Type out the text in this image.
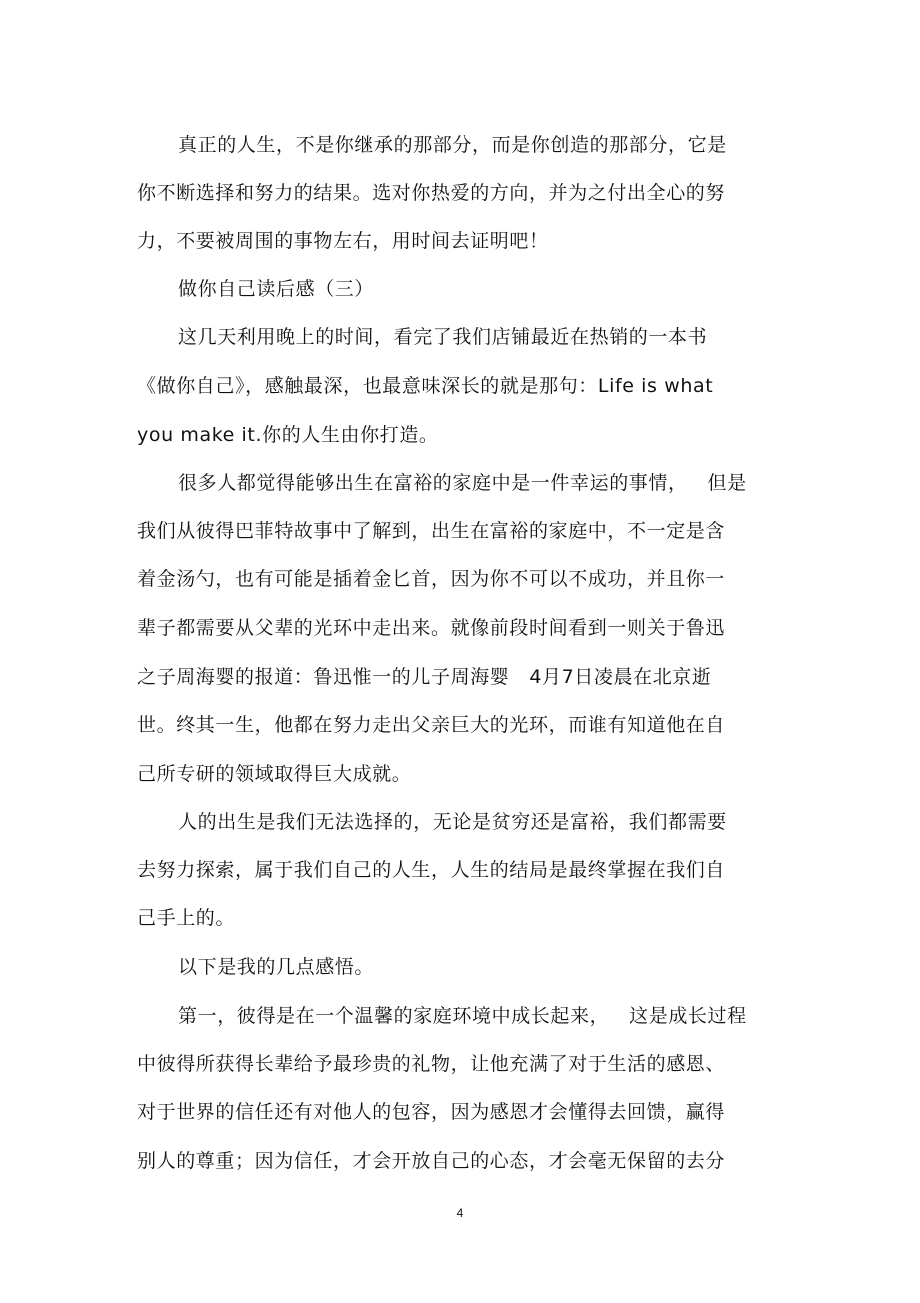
真正的人生，不是你继承的那部分，而是你创造的那部分，它是
你不断选择和努力的结果。选对你热爱的方向，并为之付出全心的努
力，不要被周围的事物左右，用时间去证明吧！
做你自己读后感（三）
这几天利用晚上的时间，看完了我们店铺最近在热销的一本书
《做你自己》，感触最深，也最意味深长的就是那句：Life is what
you make it.你的人生由你打造。
很多人都觉得能够出生在富裕的家庭中是一件幸运的事情，   但是
我们从彼得巴菲特故事中了解到，出生在富裕的家庭中，不一定是含
着金汤勺，也有可能是插着金匕首，因为你不可以不成功，并且你一
辈子都需要从父辈的光环中走出来。就像前段时间看到一则关于鲁迅
之子周海婴的报道：鲁迅惟一的儿子周海婴   4月7日凌晨在北京逝
世。终其一生，他都在努力走出父亲巨大的光环，而谁有知道他在自
己所专研的领域取得巨大成就。
人的出生是我们无法选择的，无论是贫穷还是富裕，我们都需要
去努力探索，属于我们自己的人生，人生的结局是最终掌握在我们自
己手上的。
以下是我的几点感悟。
第一，彼得是在一个温馨的家庭环境中成长起来，   这是成长过程
中彼得所获得长辈给予最珍贵的礼物，让他充满了对于生活的感恩、
对于世界的信任还有对他人的包容，因为感恩才会懂得去回馈，赢得
别人的尊重；因为信任，才会开放自己的心态，才会毫无保留的去分
4
